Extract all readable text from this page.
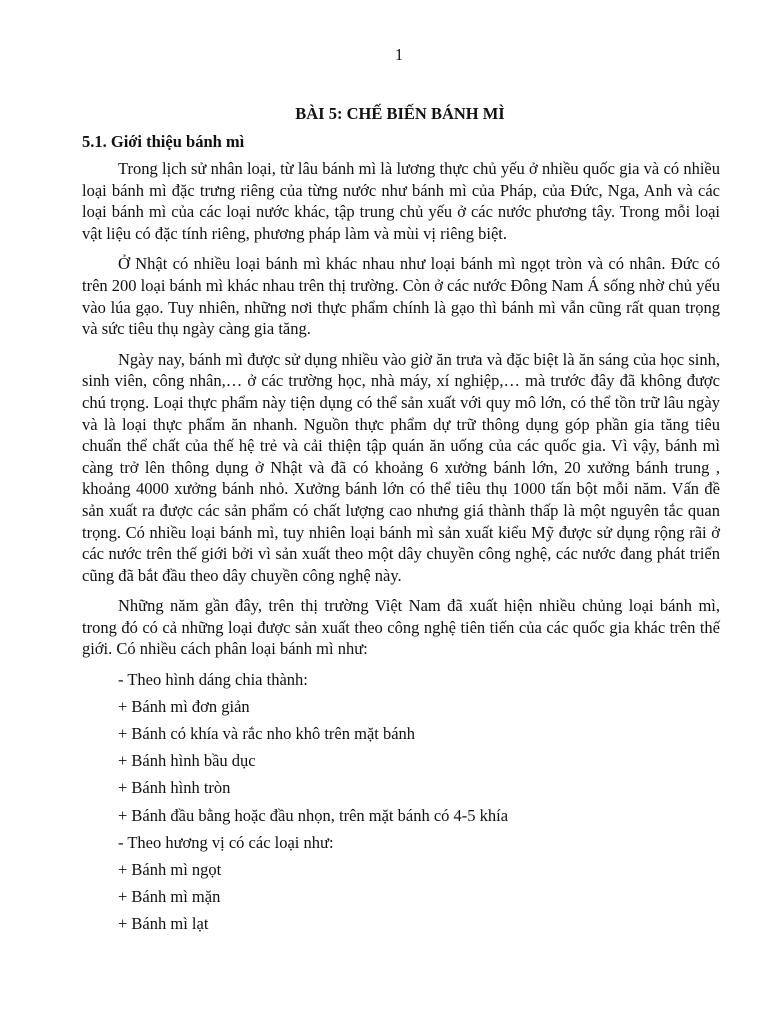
1
BÀI 5: CHẾ BIẾN BÁNH MÌ
5.1. Giới thiệu bánh mì

Trong lịch sử nhân loại, từ lâu bánh mì là lương thực chủ yếu ở nhiều quốc gia và có nhiều loại bánh mì đặc trưng riêng của từng nước như bánh mì của Pháp, của Đức, Nga, Anh và các loại bánh mì của các loại nước khác, tập trung chủ yếu ở các nước phương tây. Trong mỗi loại vật liệu có đặc tính riêng, phương pháp làm và mùi vị riêng biệt.

Ở Nhật có nhiều loại bánh mì khác nhau như loại bánh mì ngọt tròn và có nhân. Đức có trên 200 loại bánh mì khác nhau trên thị trường. Còn ở các nước Đông Nam Á sống nhờ chủ yếu vào lúa gạo. Tuy nhiên, những nơi thực phẩm chính là gạo thì bánh mì vẫn cũng rất quan trọng và sức tiêu thụ ngày càng gia tăng.

Ngày nay, bánh mì được sử dụng nhiều vào giờ ăn trưa và đặc biệt là ăn sáng của học sinh, sinh viên, công nhân,… ở các trường học, nhà máy, xí nghiệp,… mà trước đây đã không được chú trọng. Loại thực phẩm này tiện dụng có thể sản xuất với quy mô lớn, có thể tồn trữ lâu ngày và là loại thực phẩm ăn nhanh. Nguồn thực phẩm dự trữ thông dụng góp phần gia tăng tiêu chuẩn thể chất của thế hệ trẻ và cải thiện tập quán ăn uống của các quốc gia. Vì vậy, bánh mì càng trở lên thông dụng ở Nhật và đã có khoảng 6 xưởng bánh lớn, 20 xưởng bánh trung , khoảng 4000 xưởng bánh nhỏ. Xưởng bánh lớn có thể tiêu thụ 1000 tấn bột mỗi năm. Vấn đề sản xuất ra được các sản phẩm có chất lượng cao nhưng giá thành thấp là một nguyên tắc quan trọng. Có nhiều loại bánh mì, tuy nhiên loại bánh mì sản xuất kiểu Mỹ được sử dụng rộng rãi ở các nước trên thế giới bởi vì sản xuất theo một dây chuyền công nghệ, các nước đang phát triển cũng đã bắt đầu theo dây chuyền công nghệ này.

Những năm gần đây, trên thị trường Việt Nam đã xuất hiện nhiều chủng loại bánh mì, trong đó có cả những loại được sản xuất theo công nghệ tiên tiến của các quốc gia khác trên thế giới. Có nhiều cách phân loại bánh mì như:

- Theo hình dáng chia thành:
+ Bánh mì đơn giản
+ Bánh có khía và rắc nho khô trên mặt bánh
+ Bánh hình bầu dục
+ Bánh hình tròn
+ Bánh đầu bằng hoặc đầu nhọn, trên mặt bánh có 4-5 khía
- Theo hương vị có các loại như:
+ Bánh mì ngọt
+ Bánh mì mặn
+ Bánh mì lạt
